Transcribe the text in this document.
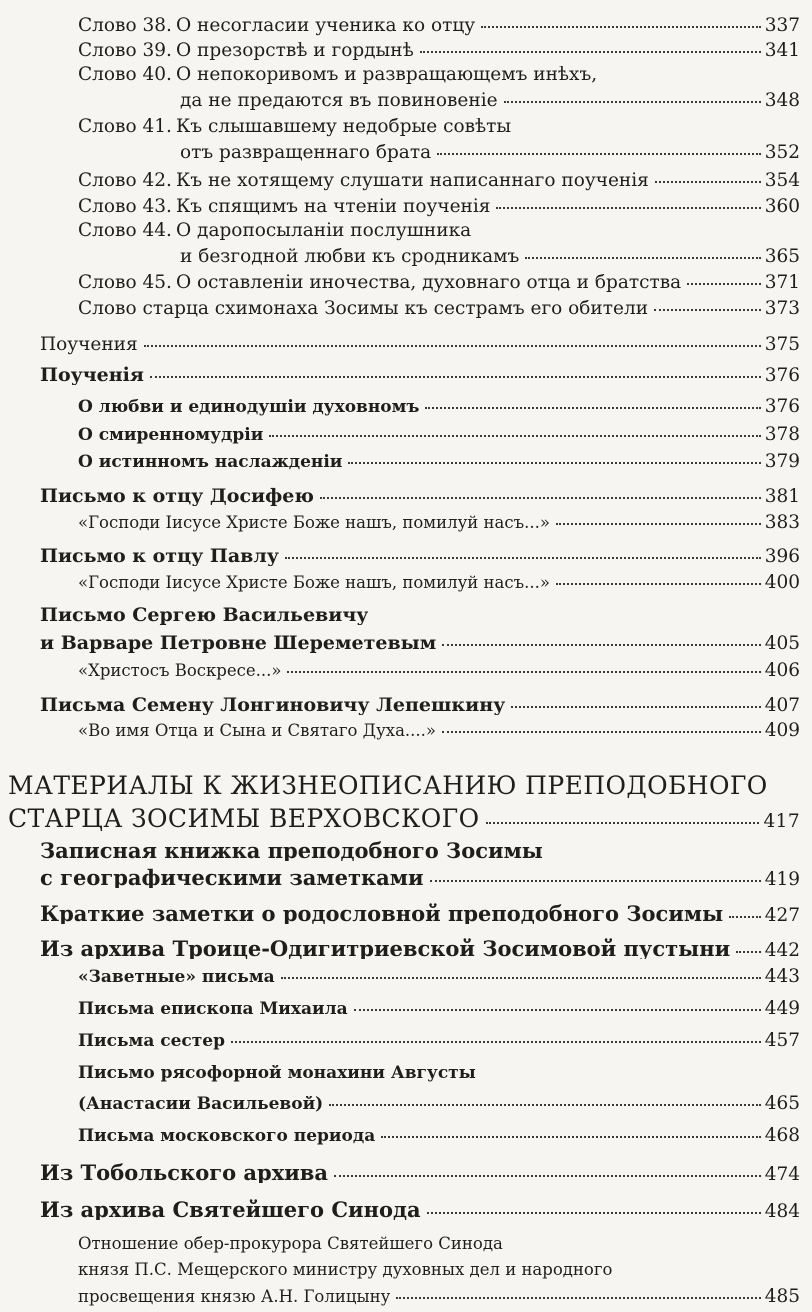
Слово 38. О несогласии ученика ко отцу	337
Слово 39. О презорствѣ и гордынѣ	341
Слово 40. О непокоривомъ и развращающемъ инѣхъ,
да не предаются въ повиновеніе	348
Слово 41. Къ слышавшему недобрые совѣты
отъ развращеннаго брата	352
Слово 42. Къ не хотящему слушати написаннаго поученія	354
Слово 43. Къ спящимъ на чтеніи поученія	360
Слово 44. О даропосыланіи послушника
и безгодной любви къ сродникамъ	365
Слово 45. О оставленіи иночества, духовнаго отца и братства	371
Слово старца схимонаха Зосимы къ сестрамъ его обители	373
Поучения	375
Поученія	376
О любви и единодушіи духовномъ	376
О смиренномудріи	378
О истинномъ наслажденіи	379
Письмо к отцу Досифею	381
«Господи Іисусе Христе Боже нашъ, помилуй насъ...»	383
Письмо к отцу Павлу	396
«Господи Іисусе Христе Боже нашъ, помилуй насъ...»	400
Письмо Сергею Васильевичу
и Варваре Петровне Шереметевым	405
«Христосъ Воскресе...»	406
Письма Семену Лонгиновичу Лепешкину	407
«Во имя Отца и Сына и Святаго Духа....»	409
МАТЕРИАЛЫ К ЖИЗНЕОПИСАНИЮ ПРЕПОДОБНОГО
СТАРЦА ЗОСИМЫ ВЕРХОВСКОГО	417
Записная книжка преподобного Зосимы
с географическими заметками	419
Краткие заметки о родословной преподобного Зосимы 427
Из архива Троице-Одигитриевской Зосимовой пустыни 442
«Заветные» письма	443
Письма епископа Михаила	449
Письма сестер	457
Письмо рясофорной монахини Августы
(Анастасии Васильевой)	465
Письма московского периода	468
Из Тобольского архива	474
Из архива Святейшего Синода	484
Отношение обер-прокурора Святейшего Синода
князя П.С. Мещерского министру духовных дел и народного
просвещения князю А.Н. Голицыну	485
